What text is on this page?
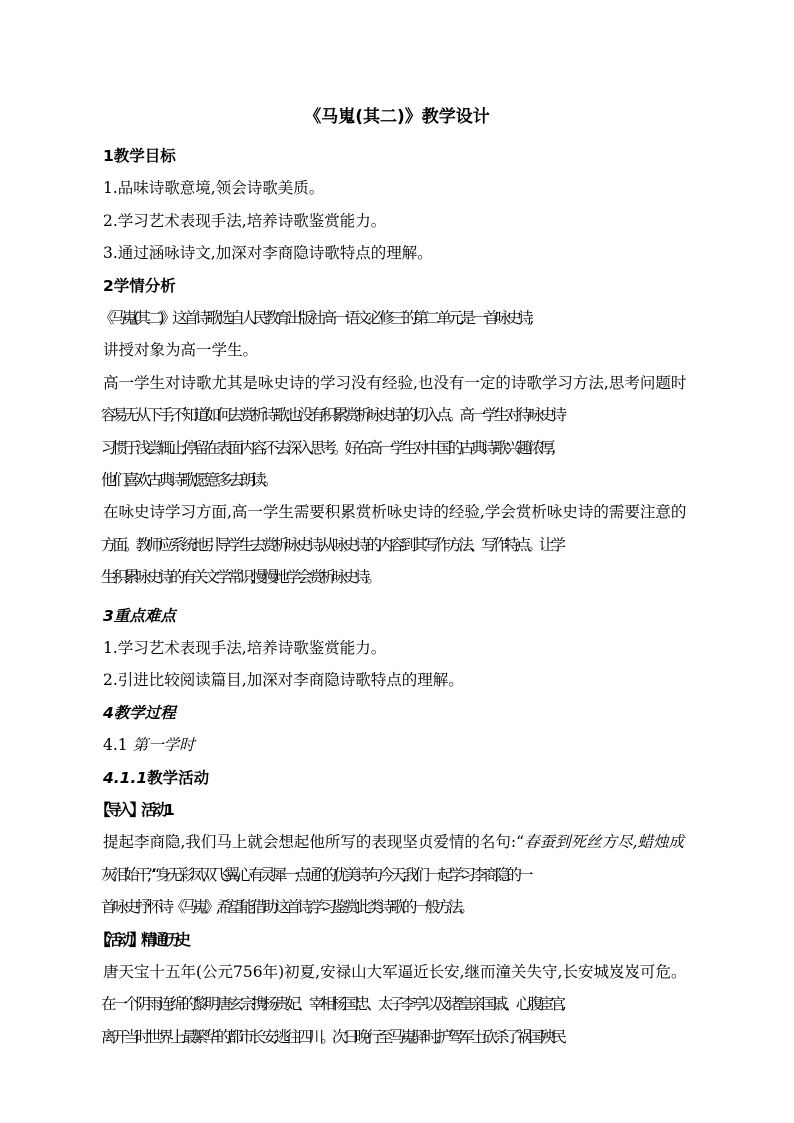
《马嵬(其二)》教学设计
1教学目标
1.品味诗歌意境,领会诗歌美质。
2.学习艺术表现手法,培养诗歌鉴赏能力。
3.通过涵咏诗文,加深对李商隐诗歌特点的理解。
2学情分析
《马嵬(其二)》这首诗歌选自人民教育出版社高一语文必修三的第二单元,是一首咏史诗,
讲授对象为高一学生。
高一学生对诗歌尤其是咏史诗的学习没有经验,也没有一定的诗歌学习方法,思考问题时
容易无从下手,不知道如何去赏析诗歌,也没有积累赏析咏史诗的切入点。高一学生对待咏史诗
习惯于浅尝辄止,停留在表面内容,不去深入思考。好在高一学生对中国的古典诗歌兴趣浓厚,
他们喜欢古典诗歌,愿意多去朗读。
在咏史诗学习方面,高一学生需要积累赏析咏史诗的经验,学会赏析咏史诗的需要注意的
方面。教师应系统地引导学生去赏析咏史诗,从咏史诗的内容到其写作方法、写作特点。让学
生积累咏史诗的有关文学常识,慢慢地学会赏析咏史诗。
3重点难点
1.学习艺术表现手法,培养诗歌鉴赏能力。
2.引进比较阅读篇目,加深对李商隐诗歌特点的理解。
4教学过程
4.1 第一学时
4.1.1教学活动
【导入】活动1
提起李商隐,我们马上就会想起他所写的表现坚贞爱情的名句:“春蚕到死丝方尽,蜡烛成
灰泪始干,”“身无彩凤双飞翼,心有灵犀一点通”的优美诗句今天,我们一起学习李商隐的一
首咏史抒怀诗《马嵬》,希望能借助这首诗,学习鉴赏此类诗歌的一般方法。
【活动】精通历史
唐天宝十五年(公元756年)初夏,安禄山大军逼近长安,继而潼关失守,长安城岌岌可危。
在一个阴雨连绵的黎明,唐玄宗携杨贵妃、宰相杨国忠、太子李亨以及诸皇亲国戚、心腹宦官,
离开当时世界上最繁华的都市长安,逃往四川。次日晚行至马嵬驿时,护驾军士砍杀了祸国殃民
